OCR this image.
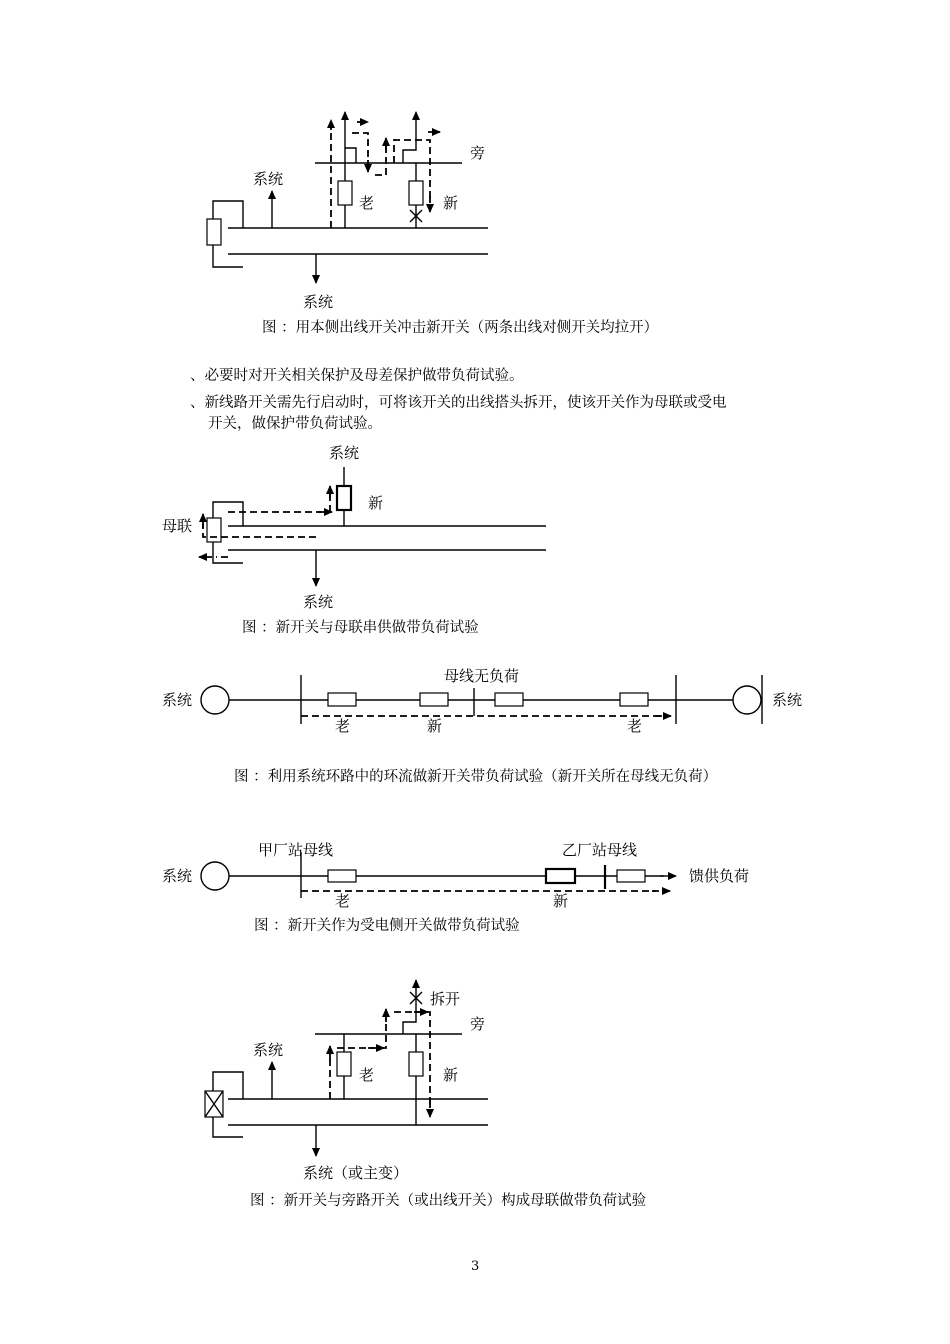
旁
系统
老	新
系统
图 ：用本侧出线开关冲击新开关（两条出线对侧开关均拉开）
系统
新
母联
系统
图 ：新开关与母联串供做带负荷试验
母线无负荷
系统	系统
老	新	老
图 ：利用系统环路中的环流做新开关带负荷试验（新开关所在母线无负荷）
甲厂站母线	乙厂站母线
系统	馈供负荷
老	新
图 ：新开关作为受电侧开关做带负荷试验
拆开
旁
系统
老	新
系统（或主变）
图 ：新开关与旁路开关（或出线开关）构成母联做带负荷试验
3

、必要时对开关相关保护及母差保护做带负荷试验。

、新线路开关需先行启动时，可将该开关的出线搭头拆开，使该开关作为母联或受电
开关，做保护带负荷试验。
